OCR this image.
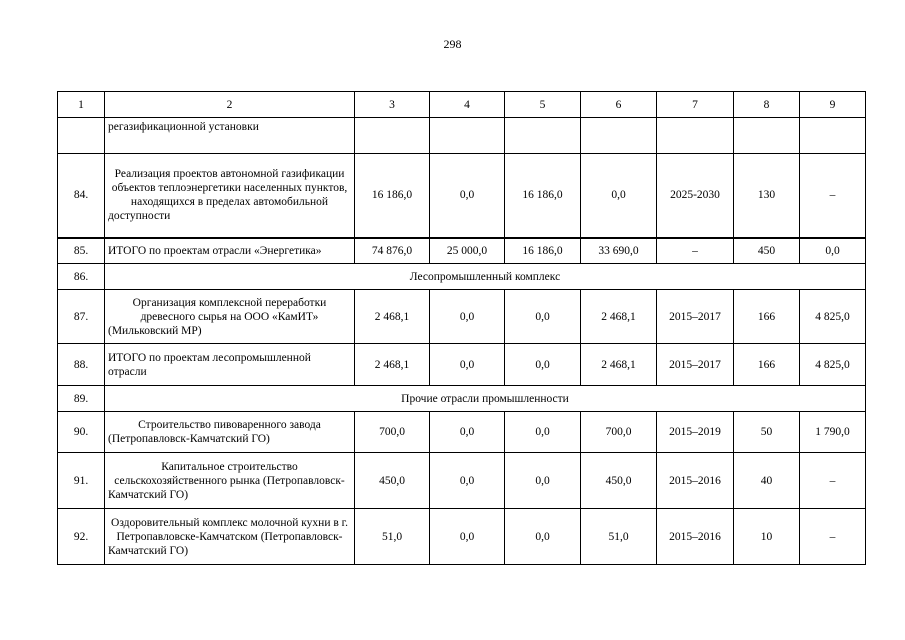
298
1	2	3	4	5	6	7	8	9
	регазификационной установки							
84.	Реализация проектов автономной газификации объектов теплоэнергетики населенных пунктов, находящихся в пределах автомобильной доступности	16 186,0	0,0	16 186,0	0,0	2025-2030	130	–
85.	ИТОГО по проектам отрасли «Энергетика»	74 876,0	25 000,0	16 186,0	33 690,0	–	450	0,0
86.	Лесопромышленный комплекс							
87.	Организация комплексной переработки древесного сырья на ООО «КамИТ» (Мильковский МР)	2 468,1	0,0	0,0	2 468,1	2015–2017	166	4 825,0
88.	ИТОГО по проектам лесопромышленной отрасли	2 468,1	0,0	0,0	2 468,1	2015–2017	166	4 825,0
89.	Прочие отрасли промышленности							
90.	Строительство пивоваренного завода (Петропавловск-Камчатский ГО)	700,0	0,0	0,0	700,0	2015–2019	50	1 790,0
91.	Капитальное строительство сельскохозяйственного рынка (Петропавловск-Камчатский ГО)	450,0	0,0	0,0	450,0	2015–2016	40	–
92.	Оздоровительный комплекс молочной кухни в г. Петропавловске-Камчатском (Петропавловск-Камчатский ГО)	51,0	0,0	0,0	51,0	2015–2016	10	–
